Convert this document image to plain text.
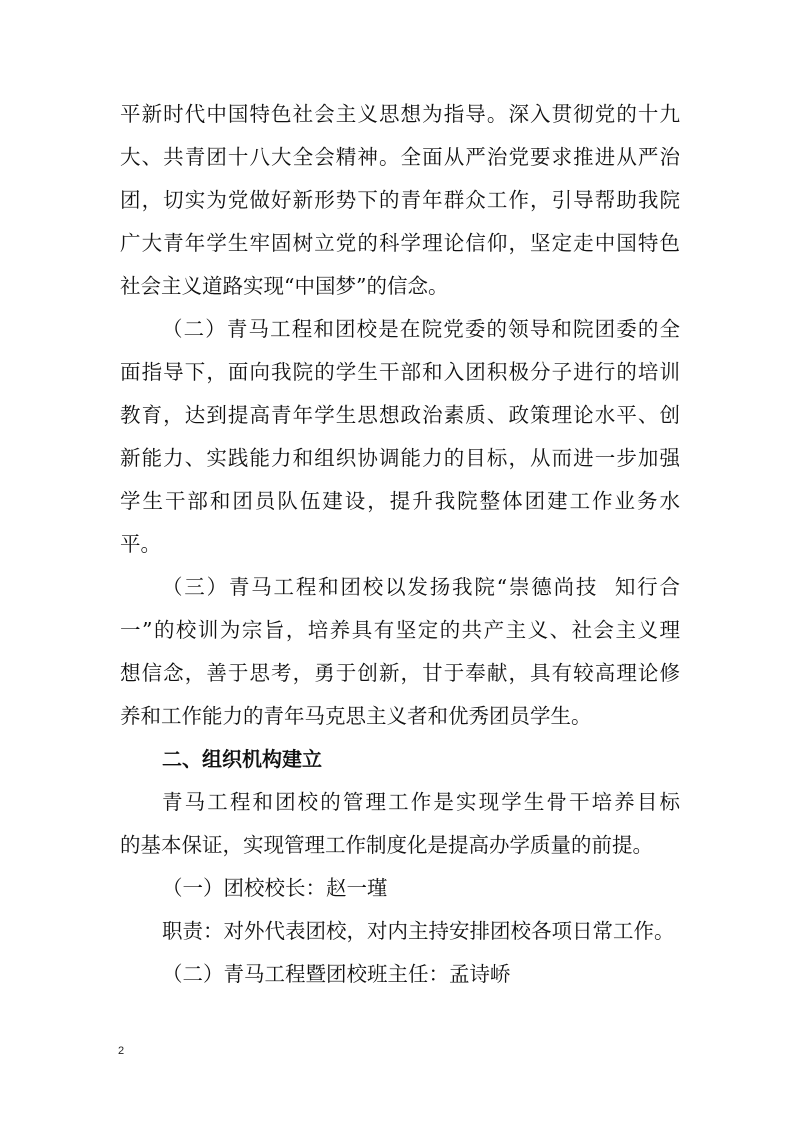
平新时代中国特色社会主义思想为指导。深入贯彻党的十九
大、共青团十八大全会精神。全面从严治党要求推进从严治
团，切实为党做好新形势下的青年群众工作，引导帮助我院
广大青年学生牢固树立党的科学理论信仰，坚定走中国特色
社会主义道路实现“中国梦”的信念。
（二）青马工程和团校是在院党委的领导和院团委的全
面指导下，面向我院的学生干部和入团积极分子进行的培训
教育，达到提高青年学生思想政治素质、政策理论水平、创
新能力、实践能力和组织协调能力的目标，从而进一步加强
学生干部和团员队伍建设，提升我院整体团建工作业务水
平。
（三）青马工程和团校以发扬我院“崇德尚技  知行合
一”的校训为宗旨，培养具有坚定的共产主义、社会主义理
想信念，善于思考，勇于创新，甘于奉献，具有较高理论修
养和工作能力的青年马克思主义者和优秀团员学生。
二、组织机构建立
青马工程和团校的管理工作是实现学生骨干培养目标
的基本保证，实现管理工作制度化是提高办学质量的前提。
（一）团校校长：赵一瑾
职责：对外代表团校，对内主持安排团校各项日常工作。
（二）青马工程暨团校班主任：孟诗峤
2
